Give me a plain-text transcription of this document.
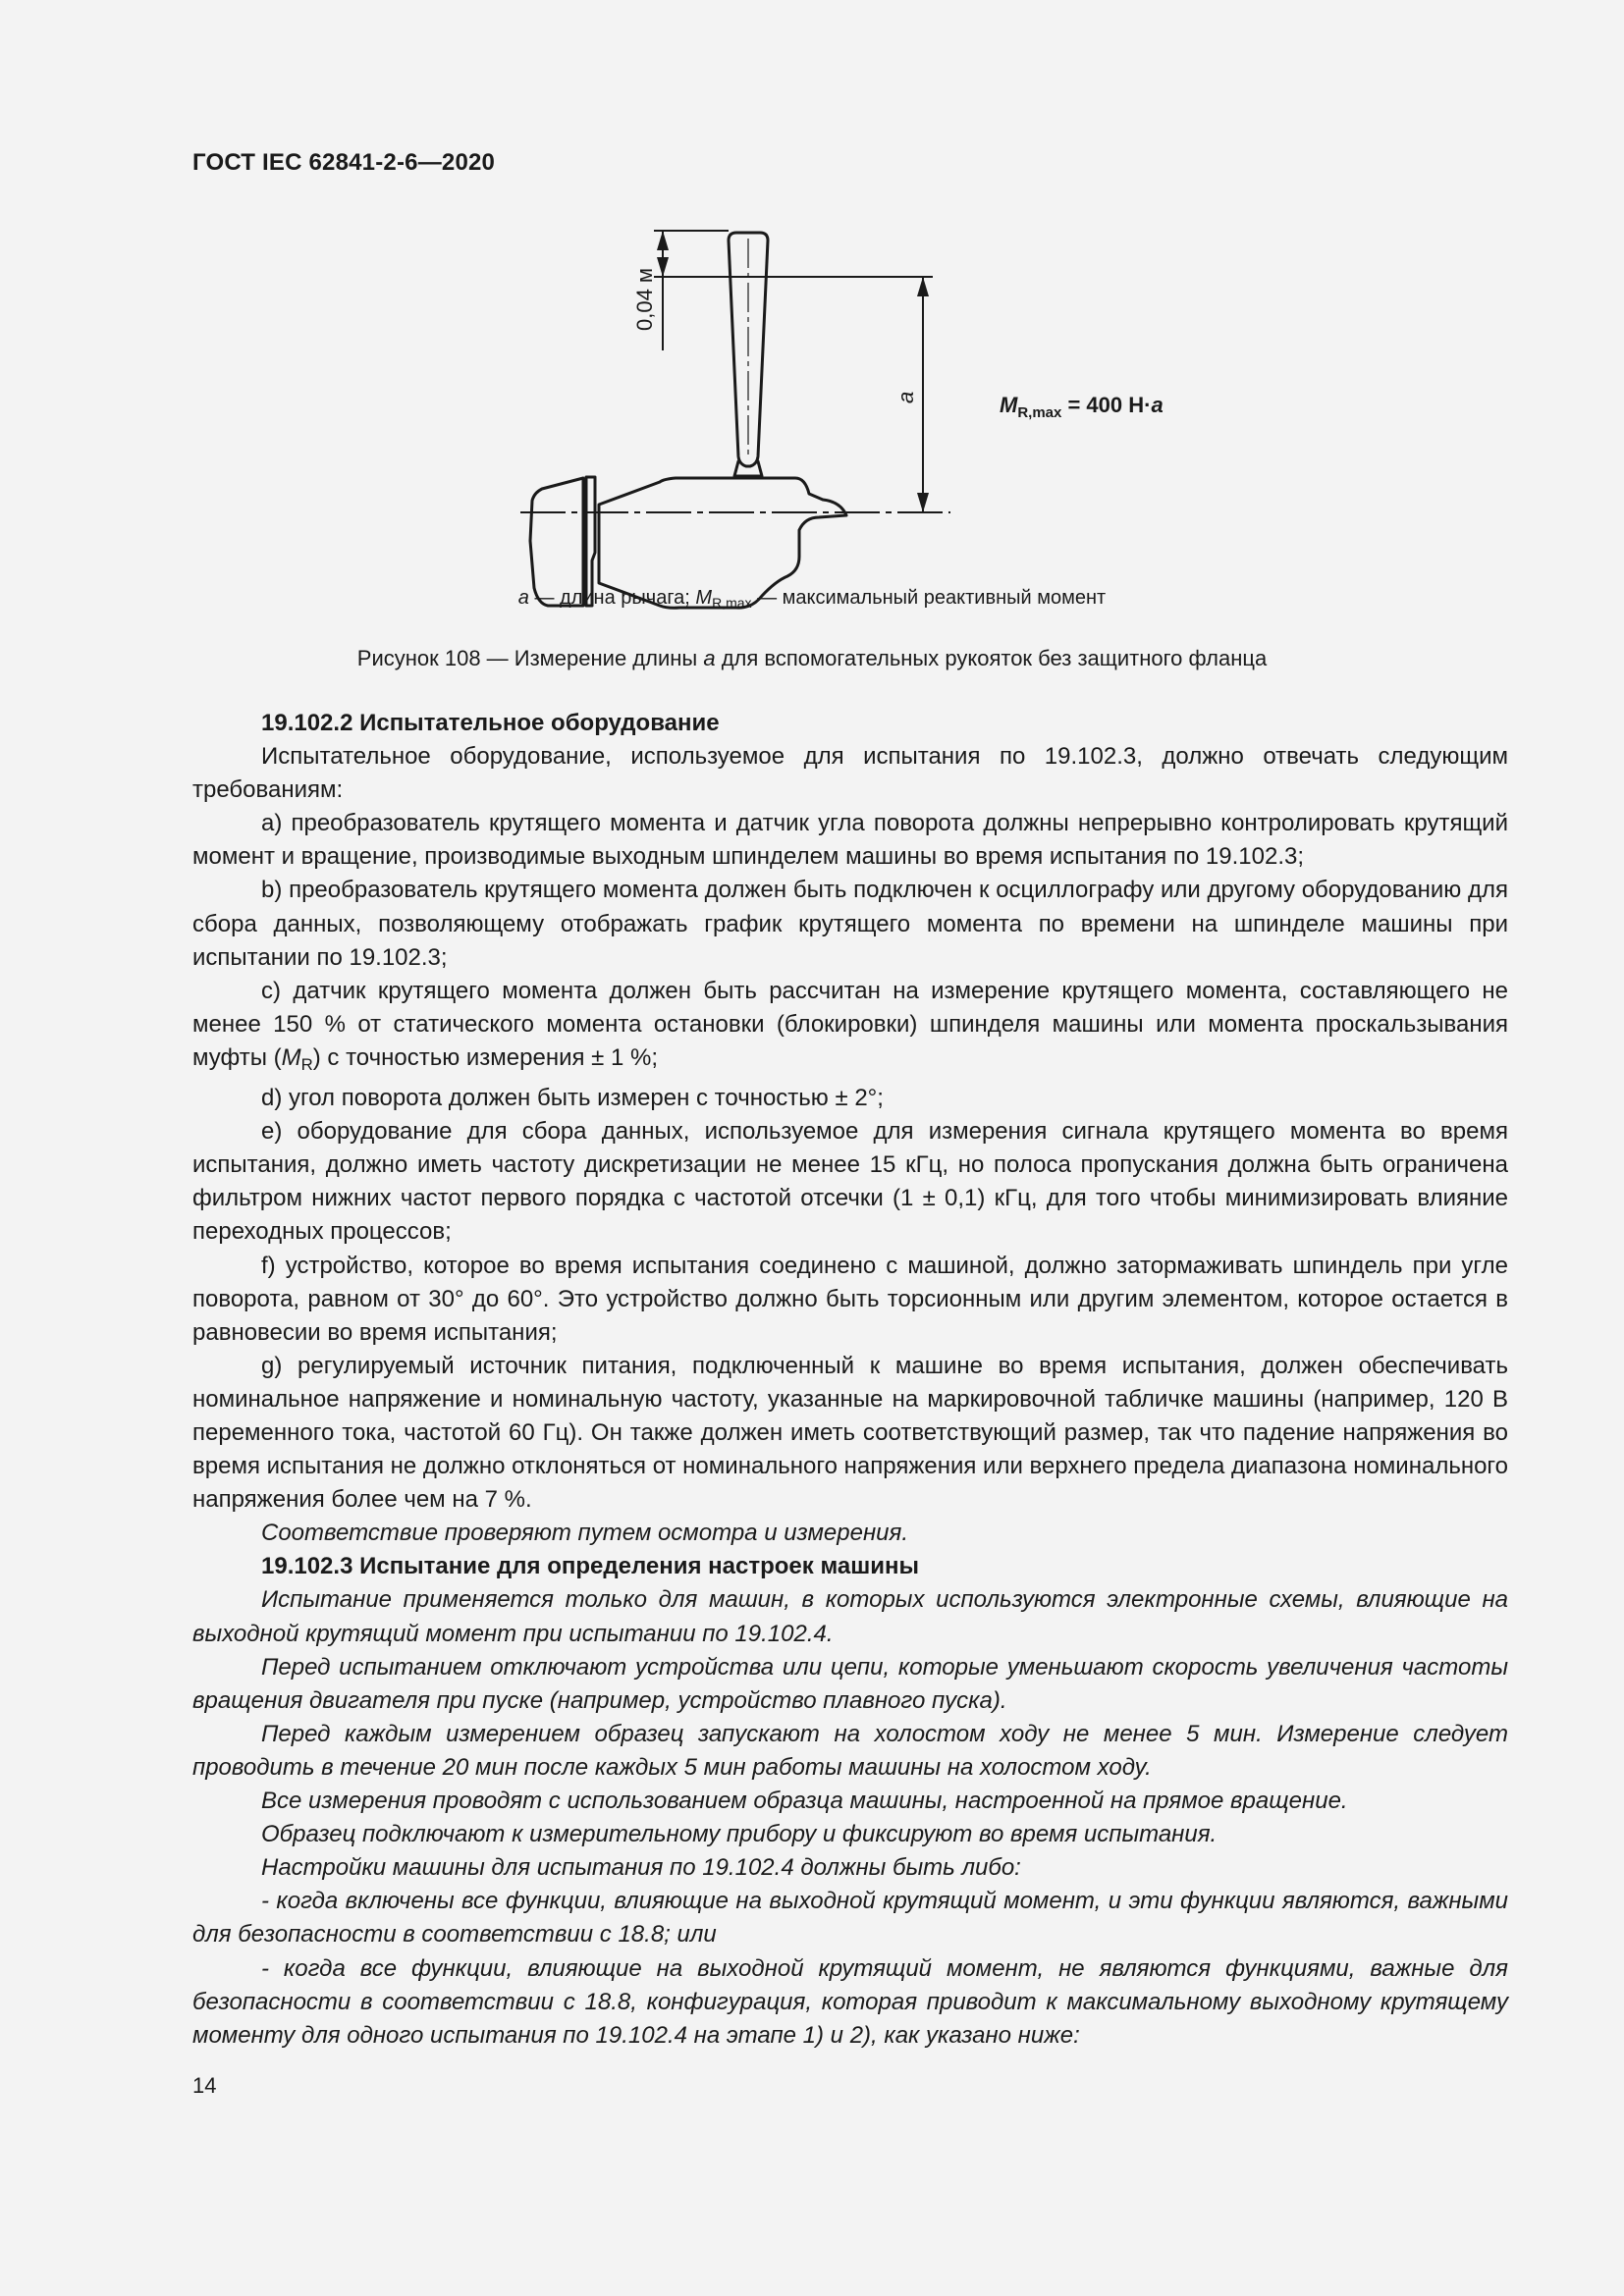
ГОСТ IEC 62841-2-6—2020
0,04 м
а	$M_{R,max} = 400$ Н·a
а — длина рычага; $M_{R,max}$ — максимальный реактивный момент
Рисунок 108 — Измерение длины а для вспомогательных рукояток без защитного фланца
19.102.2 Испытательное оборудование

Испытательное оборудование, используемое для испытания по 19.102.3, должно отвечать следующим требованиям:

а) преобразователь крутящего момента и датчик угла поворота должны непрерывно контролировать крутящий момент и вращение, производимые выходным шпинделем машины во время испытания по 19.102.3;

b) преобразователь крутящего момента должен быть подключен к осциллографу или другому оборудованию для сбора данных, позволяющему отображать график крутящего момента по времени на шпинделе машины при испытании по 19.102.3;

c) датчик крутящего момента должен быть рассчитан на измерение крутящего момента, составляющего не менее 150 % от статического момента остановки (блокировки) шпинделя машины или момента проскальзывания муфты $(M_R)$ с точностью измерения ± 1 %;

d) угол поворота должен быть измерен с точностью ± 2°;

e) оборудование для сбора данных, используемое для измерения сигнала крутящего момента во время испытания, должно иметь частоту дискретизации не менее 15 кГц, но полоса пропускания должна быть ограничена фильтром нижних частот первого порядка с частотой отсечки (1 ± 0,1) кГц, для того чтобы минимизировать влияние переходных процессов;

f) устройство, которое во время испытания соединено с машиной, должно затормаживать шпиндель при угле поворота, равном от 30° до 60°. Это устройство должно быть торсионным или другим элементом, которое остается в равновесии во время испытания;

g) регулируемый источник питания, подключенный к машине во время испытания, должен обеспечивать номинальное напряжение и номинальную частоту, указанные на маркировочной табличке машины (например, 120 В переменного тока, частотой 60 Гц). Он также должен иметь соответствующий размер, так что падение напряжения во время испытания не должно отклоняться от номинального напряжения или верхнего предела диапазона номинального напряжения более чем на 7 %.

Соответствие проверяют путем осмотра и измерения.

19.102.3 Испытание для определения настроек машины

Испытание применяется только для машин, в которых используются электронные схемы, влияющие на выходной крутящий момент при испытании по 19.102.4.

Перед испытанием отключают устройства или цепи, которые уменьшают скорость увеличения частоты вращения двигателя при пуске (например, устройство плавного пуска).

Перед каждым измерением образец запускают на холостом ходу не менее 5 мин. Измерение следует проводить в течение 20 мин после каждых 5 мин работы машины на холостом ходу.

Все измерения проводят с использованием образца машины, настроенной на прямое вращение.

Образец подключают к измерительному прибору и фиксируют во время испытания.

Настройки машины для испытания по 19.102.4 должны быть либо:

- когда включены все функции, влияющие на выходной крутящий момент, и эти функции являются, важными для безопасности в соответствии с 18.8; или

- когда все функции, влияющие на выходной крутящий момент, не являются функциями, важные для безопасности в соответствии с 18.8, конфигурация, которая приводит к максимальному выходному крутящему моменту для одного испытания по 19.102.4 на этапе 1) и 2), как указано ниже:

14
